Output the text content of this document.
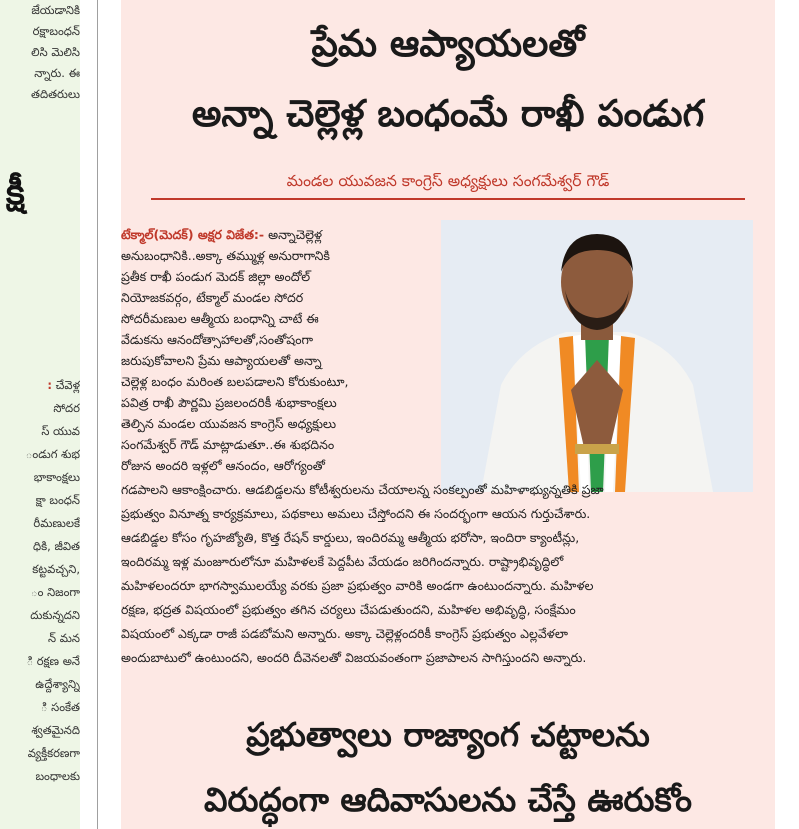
జేయడానికి
రక్షాబంధన్
లిసి మెలిసి
న్నారు. ఈ
తదితరులు
క్షీ
: చేవెళ్ల
సోదర
స్ యువ
ండుగ శుభ
భాకాంక్షలు
క్షా బంధన్
రీమణులకే
ధికి, జీవిత
కట్టవచ్చని,
ం నిజంగా
దుకున్నదని
న్ మన
ి రక్షణ అనే
ఉద్దేశ్యాన్ని
ి సంకేత
శ్వతమైనది
వ్యక్తీకరణగా
బంధాలకు
ప్రేమ ఆప్యాయలతో
అన్నా చెల్లెళ్ల బంధంమే రాఖీ పండుగ
మండల యువజన కాంగ్రెస్ అధ్యక్షులు సంగమేశ్వర్ గౌడ్
టేక్మాల్(మెదక్) అక్షర విజేత:- అన్నాచెల్లెళ్ల
అనుబంధానికి..అక్కా తమ్ముళ్ల అనురాగానికి
ప్రతీక రాఖీ పండుగ మెదక్ జిల్లా అందోల్
నియోజకవర్గం, టేక్మాల్ మండల సోదర
సోదరీమణుల ఆత్మీయ బంధాన్ని చాటే ఈ
వేడుకను ఆనందోత్సాహాలతో,సంతోషంగా
జరుపుకోవాలని ప్రేమ ఆప్యాయలతో అన్నా
చెల్లెళ్ల బంధం మరింత బలపడాలని కోరుకుంటూ,
పవిత్ర రాఖీ పౌర్ణమి ప్రజలందరికీ శుభాకాంక్షలు
తెల్పిన మండల యువజన కాంగ్రెస్ అధ్యక్షులు
సంగమేశ్వర్ గౌడ్ మాట్లాడుతూ..ఈ శుభదినం
రోజున అందరి ఇళ్లలో ఆనందం, ఆరోగ్యంతో
గడపాలని ఆకాంక్షించారు. ఆడబిడ్డలను కోటీశ్వరులను చేయాలన్న సంకల్పంతో మహిళాభ్యున్నతికి ప్రజా
ప్రభుత్వం వినూత్న కార్యక్రమాలు, పథకాలు అమలు చేస్తోందని ఈ సందర్భంగా ఆయన గుర్తుచేశారు.
ఆడబిడ్డల కోసం గృహజ్యోతి, కొత్త రేషన్ కార్డులు, ఇందిరమ్మ ఆత్మీయ భరోసా, ఇందిరా క్యాంటీన్లు,
ఇందిరమ్మ ఇళ్ల మంజూరులోనూ మహిళలకే పెద్దపీట వేయడం జరిగిందన్నారు. రాష్ట్రాభివృద్ధిలో
మహిళలందరూ భాగస్వాములయ్యే వరకు ప్రజా ప్రభుత్వం వారికి అండగా ఉంటుందన్నారు. మహిళల
రక్షణ, భద్రత విషయంలో ప్రభుత్వం తగిన చర్యలు చేపడుతుందని, మహిళల అభివృద్ధి, సంక్షేమం
విషయంలో ఎక్కడా రాజీ పడబోమని అన్నారు. అక్కా చెల్లెళ్లందరికీ కాంగ్రెస్ ప్రభుత్వం ఎల్లవేళలా
అందుబాటులో ఉంటుందని, అందరి దీవెనలతో విజయవంతంగా ప్రజాపాలన సాగిస్తుందని అన్నారు.
ప్రభుత్వాలు రాజ్యాంగ చట్టాలను
విరుద్ధంగా ఆదివాసులను చేస్తే ఊరుకోం
